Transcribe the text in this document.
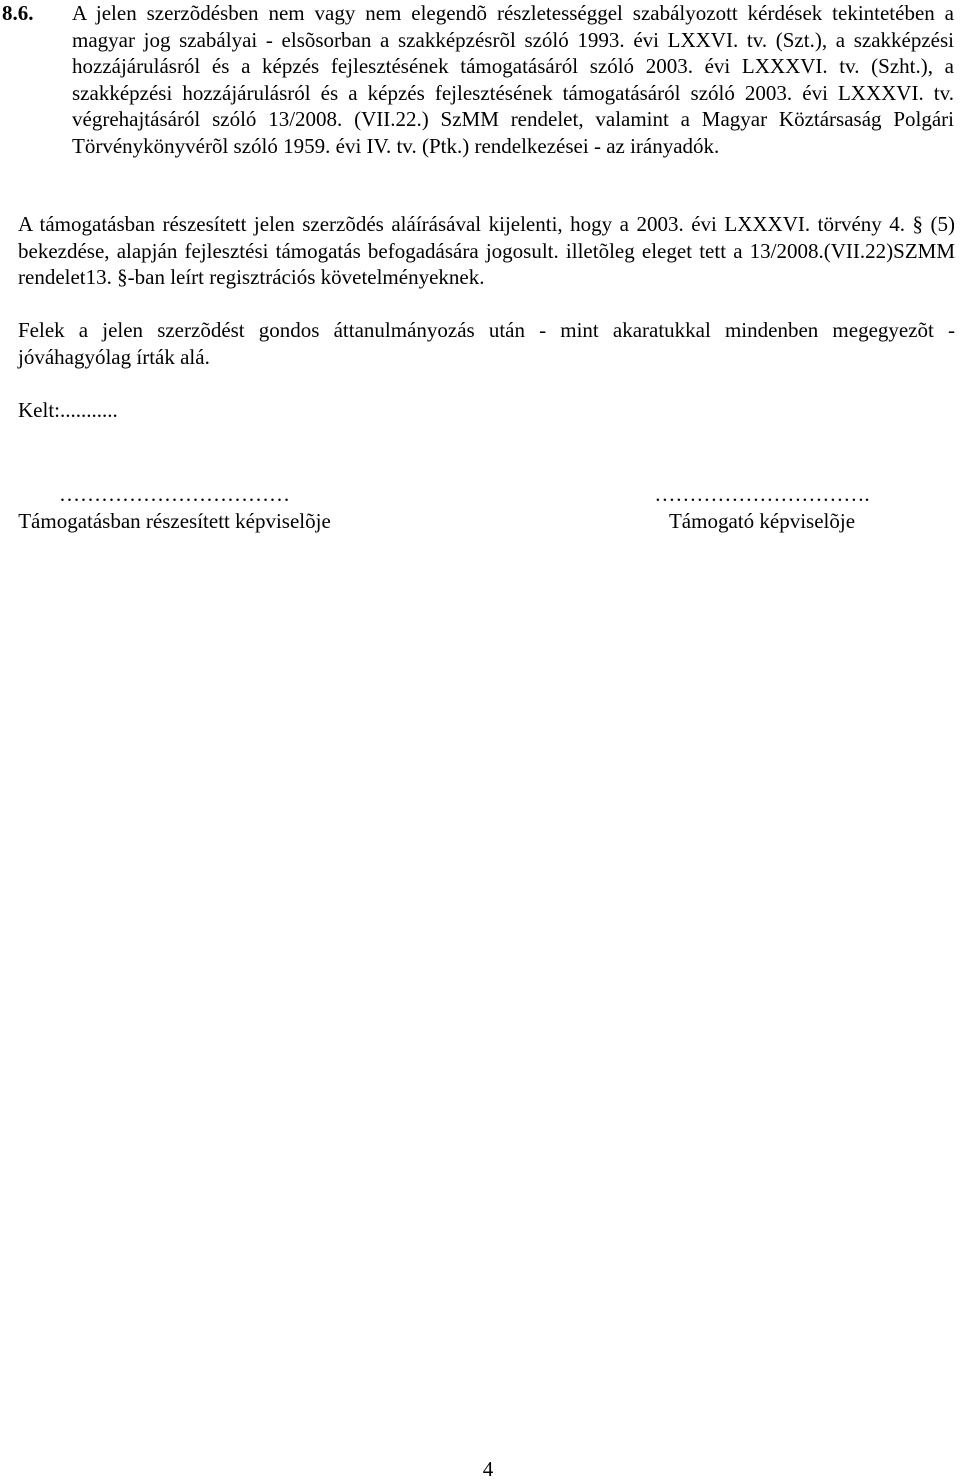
8.6. A jelen szerzõdésben nem vagy nem elegendõ részletességgel szabályozott kérdések tekintetében a magyar jog szabályai - elsõsorban a szakképzésrõl szóló 1993. évi LXXVI. tv. (Szt.), a szakképzési hozzájárulásról és a képzés fejlesztésének támogatásáról szóló 2003. évi LXXXVI. tv. (Szht.), a szakképzési hozzájárulásról és a képzés fejlesztésének támogatásáról szóló 2003. évi LXXXVI. tv. végrehajtásáról szóló 13/2008. (VII.22.) SzMM rendelet, valamint a Magyar Köztársaság Polgári Törvénykönyvérõl szóló 1959. évi IV. tv. (Ptk.) rendelkezései - az irányadók.

A támogatásban részesített jelen szerzõdés aláírásával kijelenti, hogy a 2003. évi LXXXVI. törvény 4. § (5) bekezdése, alapján fejlesztési támogatás befogadására jogosult. illetõleg eleget tett a 13/2008.(VII.22)SZMM rendelet13. §-ban leírt regisztrációs követelményeknek.

Felek a jelen szerzõdést gondos áttanulmányozás után - mint akaratukkal mindenben megegyezõt - jóváhagyólag írták alá.

Kelt:...........
……………………………
Támogatásban részesített képviselõje
………………………….
Támogató képviselõje
4
